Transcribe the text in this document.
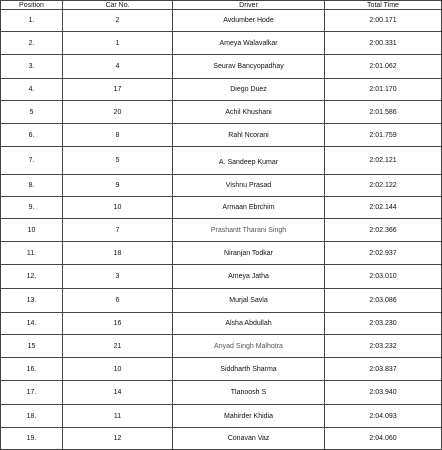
Position	Car No.	Driver	Total Time
1.	2	Avdumber Hode	2:00.171
2.	1	Ameya Walavalkar	2:00.331
3.	4	Seurav Bancyopadhay	2:01.062
4.	17	Diego Duez	2:01.170
5	20	Achil Khushani	2:01.586
6.	8	Rahl Ncorani	2:01.759
7.	5	A. Sandeep Kumar	2:02.121
8.	9	Vishnu Prasad	2:02.122
9.	10	Armaan Ebrchim	2:02.144
10	7	Prashantt Tharani Singh	2:02.366
11.	18	Niranjan Todkar	2:02.937
12.	3	Ameya Jatha	2:03.010
13.	6	Murjal Savla	2:03.086
14.	16	Alsha Abdullah	2:03.230
15	21	Anyad Singh Malhotra	2:03.232
16.	10	Siddharth Sharma	2:03.837
17.	14	Tlanoosh S	2:03.940
18.	11	Mahirder Khidia	2:04.093
19.	12	Conavan Vaz	2:04.060
